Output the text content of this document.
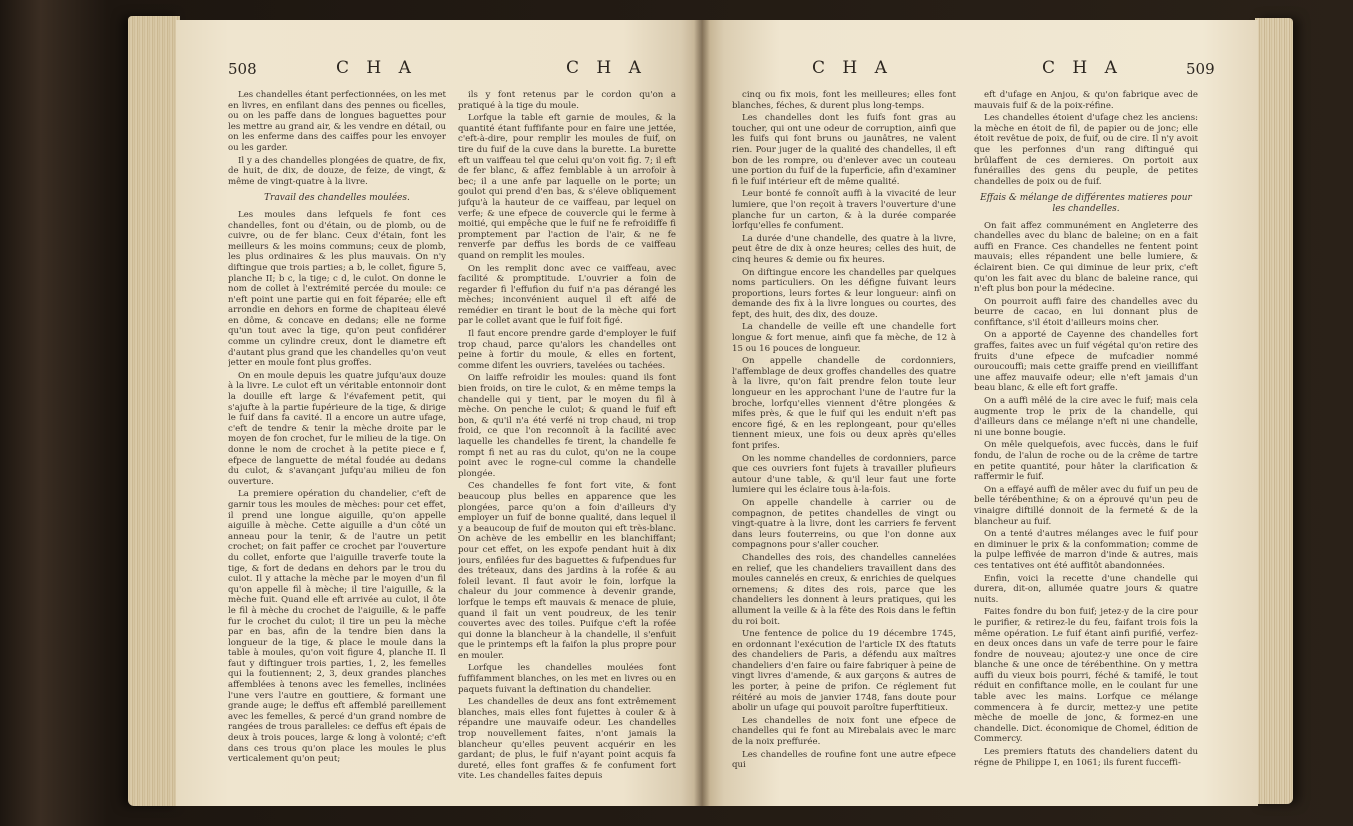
508	C H A	C H A

Les chandelles étant perfectionnées, on les met en livres, en enfilant dans des pennes ou ficelles, ou on les paffe dans de longues baguettes pour les mettre au grand air, & les vendre en détail, ou on les enferme dans des caiffes pour les envoyer ou les garder.

Il y a des chandelles plongées de quatre, de fix, de huit, de dix, de douze, de feize, de vingt, & même de vingt-quatre à la livre.

Travail des chandelles moulées.

Les moules dans lefquels fe font ces chandelles, font ou d'étain, ou de plomb, ou de cuivre, ou de fer blanc. Ceux d'étain, font les meilleurs & les moins communs; ceux de plomb, les plus ordinaires & les plus mauvais. On n'y diftingue que trois parties; a b, le collet, figure 5, planche II; b c, la tige; c d, le culot. On donne le nom de collet à l'extrémité percée du moule: ce n'eft point une partie qui en foit féparée; elle eft arrondie en dehors en forme de chapiteau élevé en dôme, & concave en dedans; elle ne forme qu'un tout avec la tige, qu'on peut confidérer comme un cylindre creux, dont le diametre eft d'autant plus grand que les chandelles qu'on veut jetter en moule font plus groffes.

On en moule depuis les quatre jufqu'aux douze à la livre. Le culot eft un véritable entonnoir dont la douille eft large & l'évafement petit, qui s'ajufte à la partie fupérieure de la tige, & dirige le fuif dans fa cavité. Il a encore un autre ufage, c'eft de tendre & tenir la mèche droite par le moyen de fon crochet, fur le milieu de la tige. On donne le nom de crochet à la petite piece e f, efpece de languette de métal foudée au dedans du culot, & s'avançant jufqu'au milieu de fon ouverture.

La premiere opération du chandelier, c'eft de garnir tous les moules de mèches: pour cet effet, il prend une longue aiguille, qu'on appelle aiguille à mèche. Cette aiguille a d'un côté un anneau pour la tenir, & de l'autre un petit crochet; on fait paffer ce crochet par l'ouverture du collet, enforte que l'aiguille traverfe toute la tige, & fort de dedans en dehors par le trou du culot. Il y attache la mèche par le moyen d'un fil qu'on appelle fil à mèche; il tire l'aiguille, & la mèche fuit. Quand elle eft arrivée au culot, il ôte le fil à mèche du crochet de l'aiguille, & le paffe fur le crochet du culot; il tire un peu la mèche par en bas, afin de la tendre bien dans la longueur de la tige, & place le moule dans la table à moules, qu'on voit figure 4, planche II. Il faut y diftinguer trois parties, 1, 2, les femelles qui la foutiennent; 2, 3, deux grandes planches affemblées à tenons avec les femelles, inclinées l'une vers l'autre en gouttiere, & formant une grande auge; le deffus eft affemblé pareillement avec les femelles, & percé d'un grand nombre de rangées de trous paralleles: ce deffus eft épais de deux à trois pouces, large & long à volonté; c'eft dans ces trous qu'on place les moules le plus verticalement qu'on peut;

ils y font retenus par le cordon qu'on a pratiqué à la tige du moule.

Lorfque la table eft garnie de moules, & la quantité étant fuffifante pour en faire une jettée, c'eft-à-dire, pour remplir les moules de fuif, on tire du fuif de la cuve dans la burette. La burette eft un vaiffeau tel que celui qu'on voit fig. 7; il eft de fer blanc, & affez femblable à un arrofoir à bec; il a une anfe par laquelle on le porte; un goulot qui prend d'en bas, & s'éleve obliquement jufqu'à la hauteur de ce vaiffeau, par lequel on verfe; & une efpece de couvercle qui le ferme à moitié, qui empêche que le fuif ne fe refroidiffe fi promptement par l'action de l'air, & ne fe renverfe par deffus les bords de ce vaiffeau quand on remplit les moules.

On les remplit donc avec ce vaiffeau, avec facilité & promptitude. L'ouvrier a foin de regarder fi l'effufion du fuif n'a pas dérangé les mèches; inconvénient auquel il eft aifé de remédier en tirant le bout de la mèche qui fort par le collet avant que le fuif foit figé.

Il faut encore prendre garde d'employer le fuif trop chaud, parce qu'alors les chandelles ont peine à fortir du moule, & elles en fortent, comme difent les ouvriers, tavelées ou tachées.

On laiffe refroidir les moules: quand ils font bien froids, on tire le culot, & en même temps la chandelle qui y tient, par le moyen du fil à mèche. On penche le culot; & quand le fuif eft bon, & qu'il n'a été verfé ni trop chaud, ni trop froid, ce que l'on reconnoît à la facilité avec laquelle les chandelles fe tirent, la chandelle fe rompt fi net au ras du culot, qu'on ne la coupe point avec le rogne-cul comme la chandelle plongée.

Ces chandelles fe font fort vite, & font beaucoup plus belles en apparence que les plongées, parce qu'on a foin d'ailleurs d'y employer un fuif de bonne qualité, dans lequel il y a beaucoup de fuif de mouton qui eft très-blanc. On achève de les embellir en les blanchiffant; pour cet effet, on les expofe pendant huit à dix jours, enfilées fur des baguettes & fufpendues fur des tréteaux, dans des jardins à la rofée & au foleil levant. Il faut avoir le foin, lorfque la chaleur du jour commence à devenir grande, lorfque le temps eft mauvais & menace de pluie, quand il fait un vent poudreux, de les tenir couvertes avec des toiles. Puifque c'eft la rofée qui donne la blancheur à la chandelle, il s'enfuit que le printemps eft la faifon la plus propre pour en mouler.

Lorfque les chandelles moulées font fuffifamment blanches, on les met en livres ou en paquets fuivant la deftination du chandelier.

Les chandelles de deux ans font extrêmement blanches, mais elles font fujettes à couler & à répandre une mauvaife odeur. Les chandelles trop nouvellement faites, n'ont jamais la blancheur qu'elles peuvent acquérir en les gardant; de plus, le fuif n'ayant point acquis fa dureté, elles font graffes & fe confument fort vite. Les chandelles faites depuis

C H A	C H A	509

cinq ou fix mois, font les meilleures; elles font blanches, féches, & durent plus long-temps.

Les chandelles dont les fuifs font gras au toucher, qui ont une odeur de corruption, ainfi que les fuifs qui font bruns ou jaunâtres, ne valent rien. Pour juger de la qualité des chandelles, il eft bon de les rompre, ou d'enlever avec un couteau une portion du fuif de la fuperficie, afin d'examiner fi le fuif intérieur eft de même qualité.

Leur bonté fe connoît auffi à la vivacité de leur lumiere, que l'on reçoit à travers l'ouverture d'une planche fur un carton, & à la durée comparée lorfqu'elles fe confument.

La durée d'une chandelle, des quatre à la livre, peut être de dix à onze heures; celles des huit, de cinq heures & demie ou fix heures.

On diftingue encore les chandelles par quelques noms particuliers. On les défigne fuivant leurs proportions, leurs fortes & leur longueur: ainfi on demande des fix à la livre longues ou courtes, des fept, des huit, des dix, des douze.

La chandelle de veille eft une chandelle fort longue & fort menue, ainfi que fa mèche, de 12 à 15 ou 16 pouces de longueur.

On appelle chandelle de cordonniers, l'affemblage de deux groffes chandelles des quatre à la livre, qu'on fait prendre felon toute leur longueur en les approchant l'une de l'autre fur la broche, lorfqu'elles viennent d'être plongées & mifes près, & que le fuif qui les enduit n'eft pas encore figé, & en les replongeant, pour qu'elles tiennent mieux, une fois ou deux après qu'elles font prifes.

On les nomme chandelles de cordonniers, parce que ces ouvriers font fujets à travailler plufieurs autour d'une table, & qu'il leur faut une forte lumiere qui les éclaire tous à-la-fois.

On appelle chandelle à carrier ou de compagnon, de petites chandelles de vingt ou vingt-quatre à la livre, dont les carriers fe fervent dans leurs fouterreins, ou que l'on donne aux compagnons pour s'aller coucher.

Chandelles des rois, des chandelles cannelées en relief, que les chandeliers travaillent dans des moules cannelés en creux, & enrichies de quelques ornemens; & dites des rois, parce que les chandeliers les donnent à leurs pratiques, qui les allument la veille & à la fête des Rois dans le feftin du roi boit.

Une fentence de police du 19 décembre 1745, en ordonnant l'exécution de l'article IX des ftatuts des chandeliers de Paris, a défendu aux maîtres chandeliers d'en faire ou faire fabriquer à peine de vingt livres d'amende, & aux garçons & autres de les porter, à peine de prifon. Ce réglement fut réitéré au mois de janvier 1748, fans doute pour abolir un ufage qui pouvoit paroître fuperftitieux.

Les chandelles de noix font une efpece de chandelles qui fe font au Mirebalais avec le marc de la noix preffurée.

Les chandelles de roufine font une autre efpece qui

eft d'ufage en Anjou, & qu'on fabrique avec de mauvais fuif & de la poix-réfine.

Les chandelles étoient d'ufage chez les anciens: la mèche en étoit de fil, de papier ou de jonc; elle étoit revêtue de poix, de fuif, ou de cire. Il n'y avoit que les perfonnes d'un rang diftingué qui brûlaffent de ces dernieres. On portoit aux funérailles des gens du peuple, de petites chandelles de poix ou de fuif.

Effais & mélange de différentes matieres pour les chandelles.

On fait affez communément en Angleterre des chandelles avec du blanc de baleine; on en a fait auffi en France. Ces chandelles ne fentent point mauvais; elles répandent une belle lumiere, & éclairent bien. Ce qui diminue de leur prix, c'eft qu'on les fait avec du blanc de baleine rance, qui n'eft plus bon pour la médecine.

On pourroit auffi faire des chandelles avec du beurre de cacao, en lui donnant plus de confiftance, s'il étoit d'ailleurs moins cher.

On a apporté de Cayenne des chandelles fort graffes, faites avec un fuif végétal qu'on retire des fruits d'une efpece de mufcadier nommé ouroucouffi; mais cette graiffe prend en vieilliffant une affez mauvaife odeur; elle n'eft jamais d'un beau blanc, & elle eft fort graffe.

On a auffi mêlé de la cire avec le fuif; mais cela augmente trop le prix de la chandelle, qui d'ailleurs dans ce mélange n'eft ni une chandelle, ni une bonne bougie.

On mêle quelquefois, avec fuccès, dans le fuif fondu, de l'alun de roche ou de la crême de tartre en petite quantité, pour hâter la clarification & raffermir le fuif.

On a effayé auffi de mêler avec du fuif un peu de belle térébenthine; & on a éprouvé qu'un peu de vinaigre diftillé donnoit de la fermeté & de la blancheur au fuif.

On a tenté d'autres mélanges avec le fuif pour en diminuer le prix & la confommation; comme de la pulpe leffivée de marron d'inde & autres, mais ces tentatives ont été auffitôt abandonnées.

Enfin, voici la recette d'une chandelle qui durera, dit-on, allumée quatre jours & quatre nuits.

Faites fondre du bon fuif; jetez-y de la cire pour le purifier, & retirez-le du feu, faifant trois fois la même opération. Le fuif étant ainfi purifié, verfez-en deux onces dans un vafe de terre pour le faire fondre de nouveau; ajoutez-y une once de cire blanche & une once de térébenthine. On y mettra auffi du vieux bois pourri, féché & tamifé, le tout réduit en confiftance molle, en le coulant fur une table avec les mains. Lorfque ce mélange commencera à fe durcir, mettez-y une petite mèche de moelle de jonc, & formez-en une chandelle. Dict. économique de Chomel, édition de Commercy.

Les premiers ftatuts des chandeliers datent du régne de Philippe I, en 1061; ils furent fucceffi-
